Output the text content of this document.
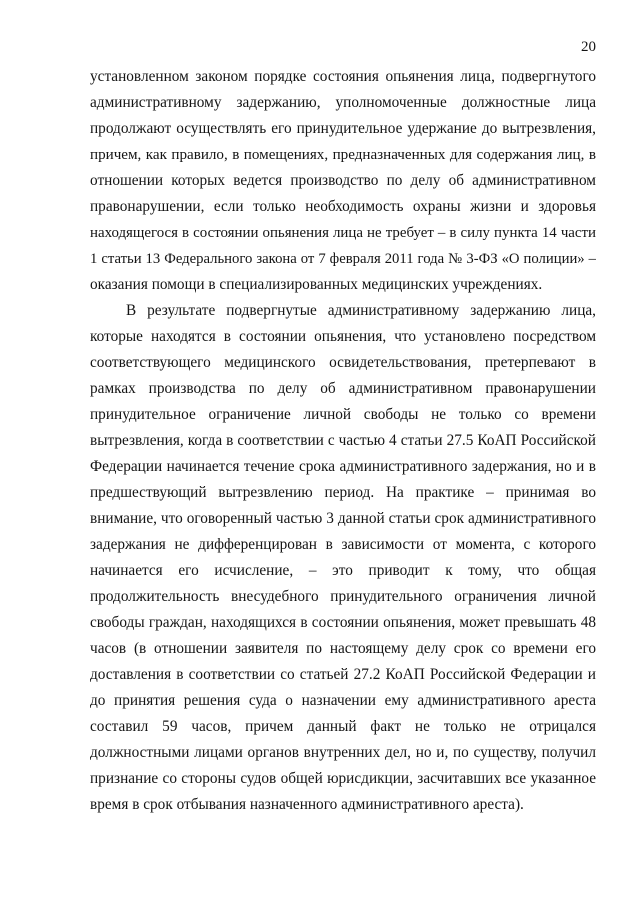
20
установленном законом порядке состояния опьянения лица, подвергнутого
административному задержанию, уполномоченные должностные лица
продолжают осуществлять его принудительное удержание до вытрезвления,
причем, как правило, в помещениях, предназначенных для содержания лиц, в
отношении которых ведется производство по делу об административном
правонарушении, если только необходимость охраны жизни и здоровья
находящегося в состоянии опьянения лица не требует – в силу пункта 14 части
1 статьи 13 Федерального закона от 7 февраля 2011 года № 3-ФЗ «О полиции» –
оказания помощи в специализированных медицинских учреждениях.
В результате подвергнутые административному задержанию лица,
которые находятся в состоянии опьянения, что установлено посредством
соответствующего медицинского освидетельствования, претерпевают в
рамках производства по делу об административном правонарушении
принудительное ограничение личной свободы не только со времени
вытрезвления, когда в соответствии с частью 4 статьи 27.5 КоАП Российской
Федерации начинается течение срока административного задержания, но и в
предшествующий вытрезвлению период. На практике – принимая во
внимание, что оговоренный частью 3 данной статьи срок административного
задержания не дифференцирован в зависимости от момента, с которого
начинается его исчисление, – это приводит к тому, что общая
продолжительность внесудебного принудительного ограничения личной
свободы граждан, находящихся в состоянии опьянения, может превышать 48
часов (в отношении заявителя по настоящему делу срок со времени его
доставления в соответствии со статьей 27.2 КоАП Российской Федерации и
до принятия решения суда о назначении ему административного ареста
составил 59 часов, причем данный факт не только не отрицался
должностными лицами органов внутренних дел, но и, по существу, получил
признание со стороны судов общей юрисдикции, засчитавших все указанное
время в срок отбывания назначенного административного ареста).
